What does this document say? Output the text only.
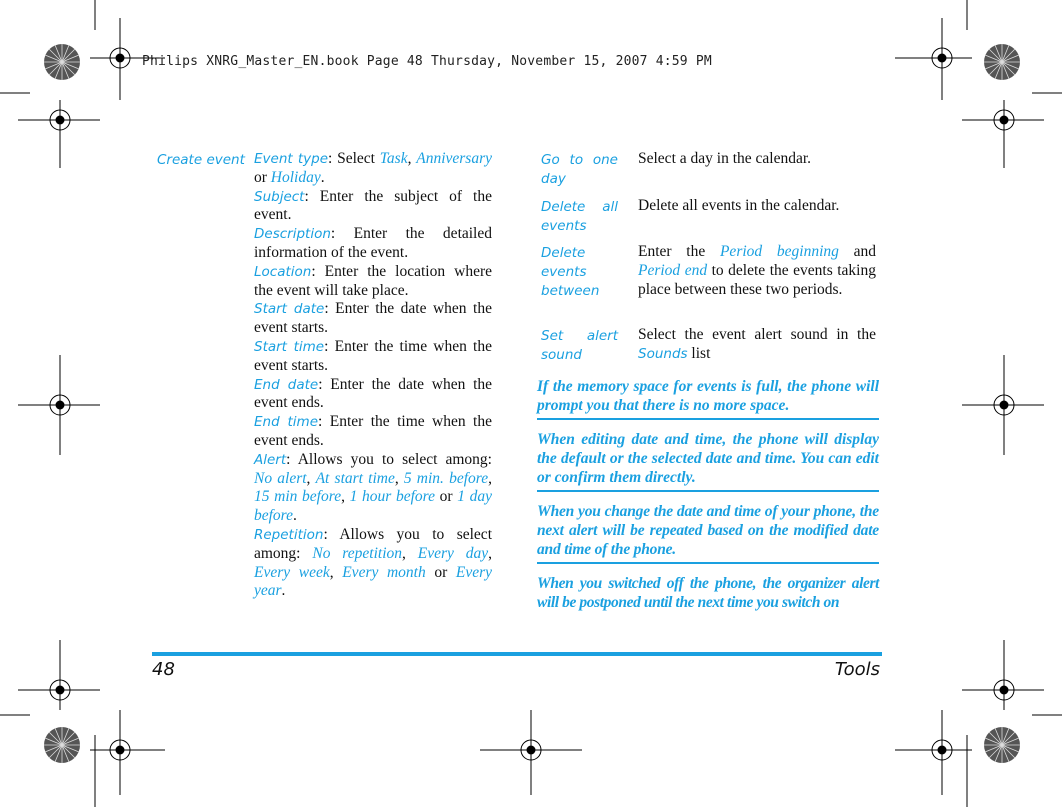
Philips XNRG_Master_EN.book Page 48 Thursday, November 15, 2007 4:59 PM
Create event Event type: Select Task, Anniversary or Holiday.

Subject: Enter the subject of the event.

Description: Enter the detailed information of the event.

Location: Enter the location where the event will take place.

Start date: Enter the date when the event starts.

Start time: Enter the time when the event starts.

End date: Enter the date when the event ends.

End time: Enter the time when the event ends.

Alert: Allows you to select among: No alert, At start time, 5 min. before, 15 min before, 1 hour before or 1 day before.

Repetition: Allows you to select among: No repetition, Every day, Every week, Every month or Every year.

Go to one day
Select a day in the calendar.
Delete all events
Delete all events in the calendar.
Delete events between
Enter the Period beginning and Period end to delete the events taking place between these two periods.
Set alert sound
Select the event alert sound in the Sounds list
If the memory space for events is full, the phone will prompt you that there is no more space.
When editing date and time, the phone will display the default or the selected date and time. You can edit or confirm them directly.
When you change the date and time of your phone, the next alert will be repeated based on the modified date and time of the phone.
When you switched off the phone, the organizer alert will be postponed until the next time you switch on
48	Tools
